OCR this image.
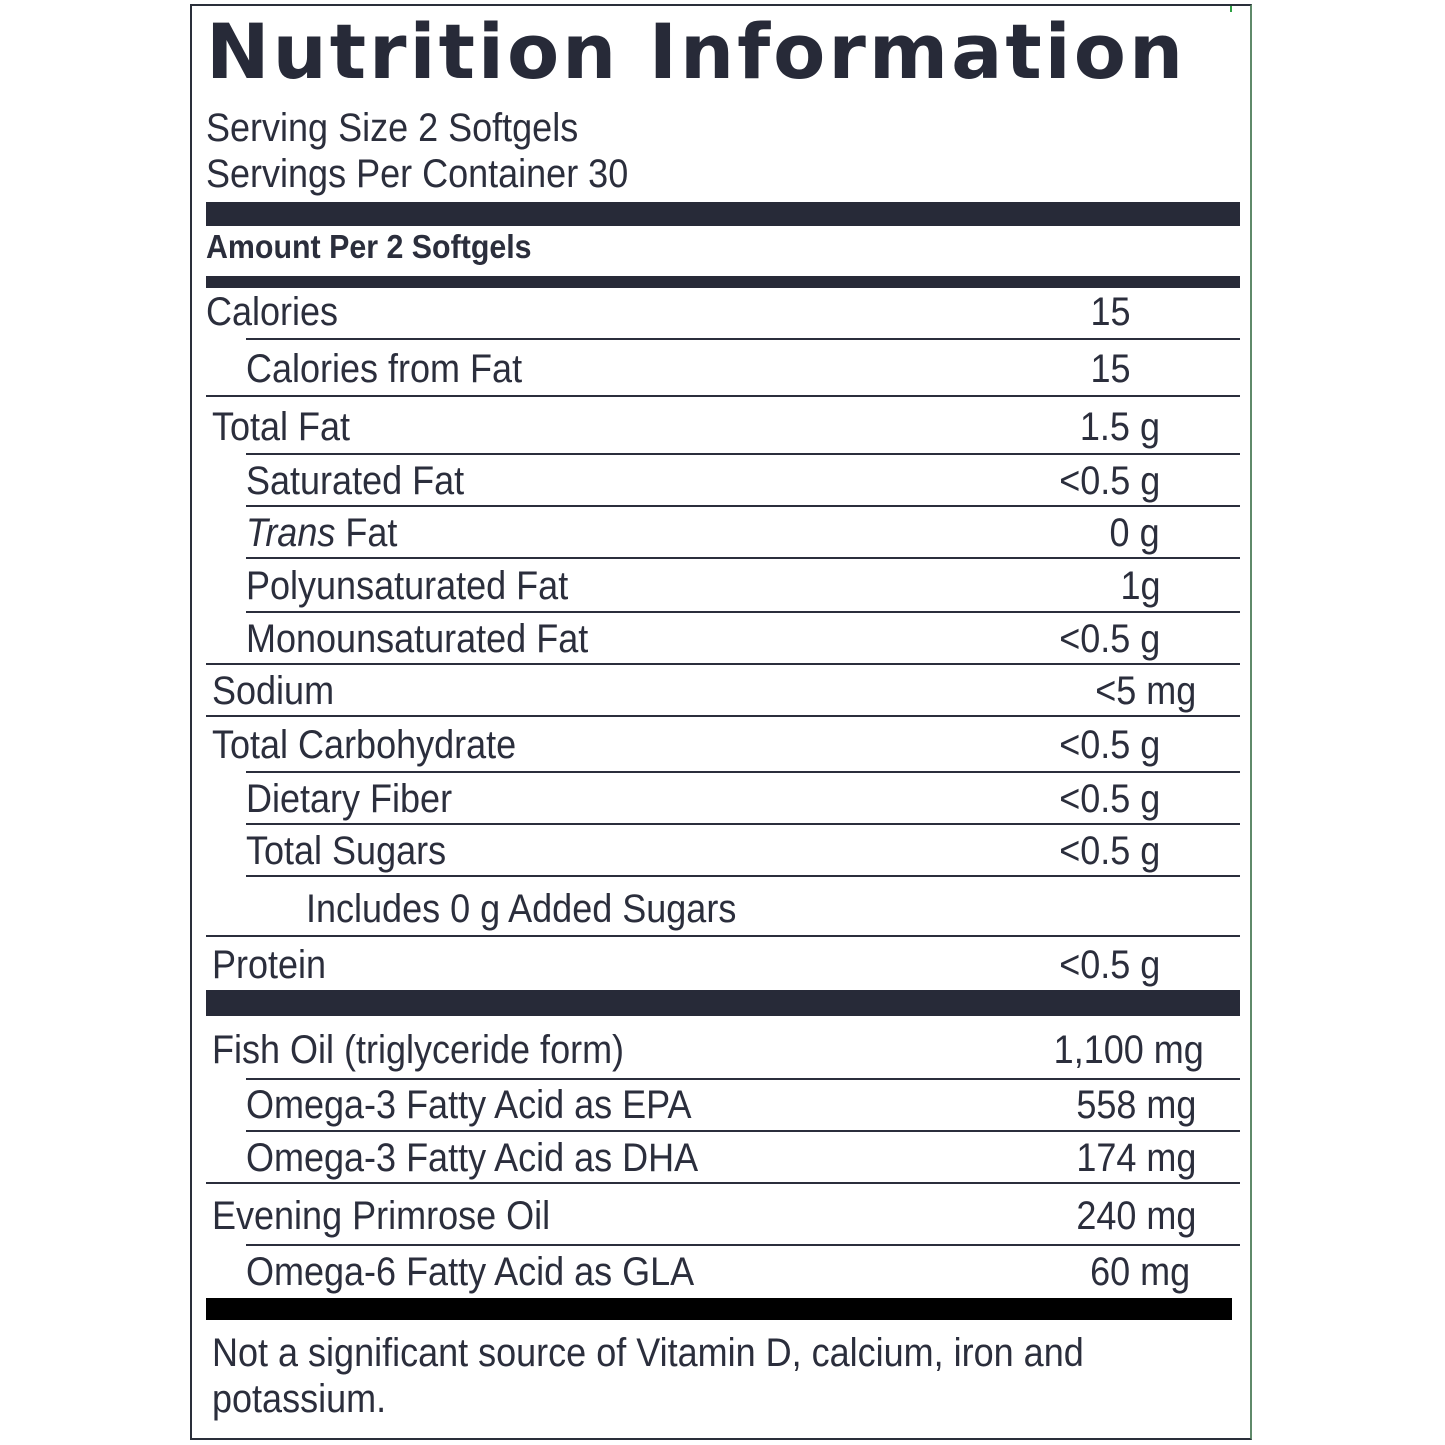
Nutrition Information
Serving Size 2 Softgels
Servings Per Container 30
Amount Per 2 Softgels
Calories	15
Calories from Fat	15
Total Fat	1.5 g
Saturated Fat	<0.5 g
Trans Fat	0 g
Polyunsaturated Fat	1g
Monounsaturated Fat	<0.5 g
Sodium	<5 mg
Total Carbohydrate	<0.5 g
Dietary Fiber	<0.5 g
Total Sugars	<0.5 g
Includes 0 g Added Sugars
Protein	<0.5 g
Fish Oil (triglyceride form)	1,100 mg
Omega-3 Fatty Acid as EPA	558 mg
Omega-3 Fatty Acid as DHA	174 mg
Evening Primrose Oil	240 mg
Omega-6 Fatty Acid as GLA	60 mg
Not a significant source of Vitamin D, calcium, iron and potassium.
